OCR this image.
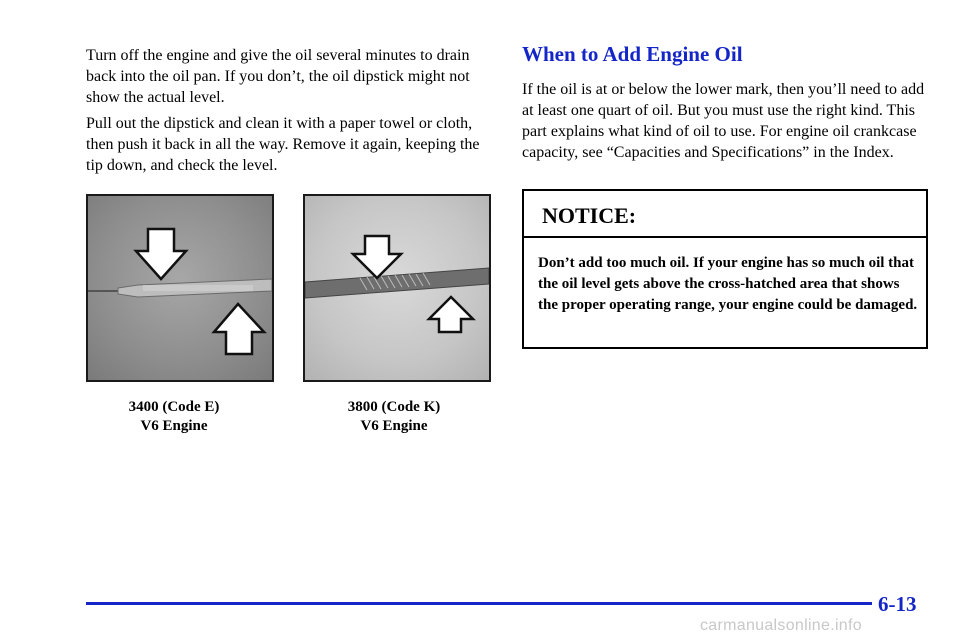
Turn off the engine and give the oil several minutes to drain back into the oil pan. If you don’t, the oil dipstick might not show the actual level.

Pull out the dipstick and clean it with a paper towel or cloth, then push it back in all the way. Remove it again, keeping the tip down, and check the level.

3400 (Code E)
V6 Engine
3800 (Code K)
V6 Engine
When to Add Engine Oil

If the oil is at or below the lower mark, then you’ll need to add at least one quart of oil. But you must use the right kind. This part explains what kind of oil to use. For engine oil crankcase capacity, see “Capacities and Specifications” in the Index.

NOTICE:

Don’t add too much oil. If your engine has so much oil that the oil level gets above the cross-hatched area that shows the proper operating range, your engine could be damaged.

6-13

carmanualsonline.info
